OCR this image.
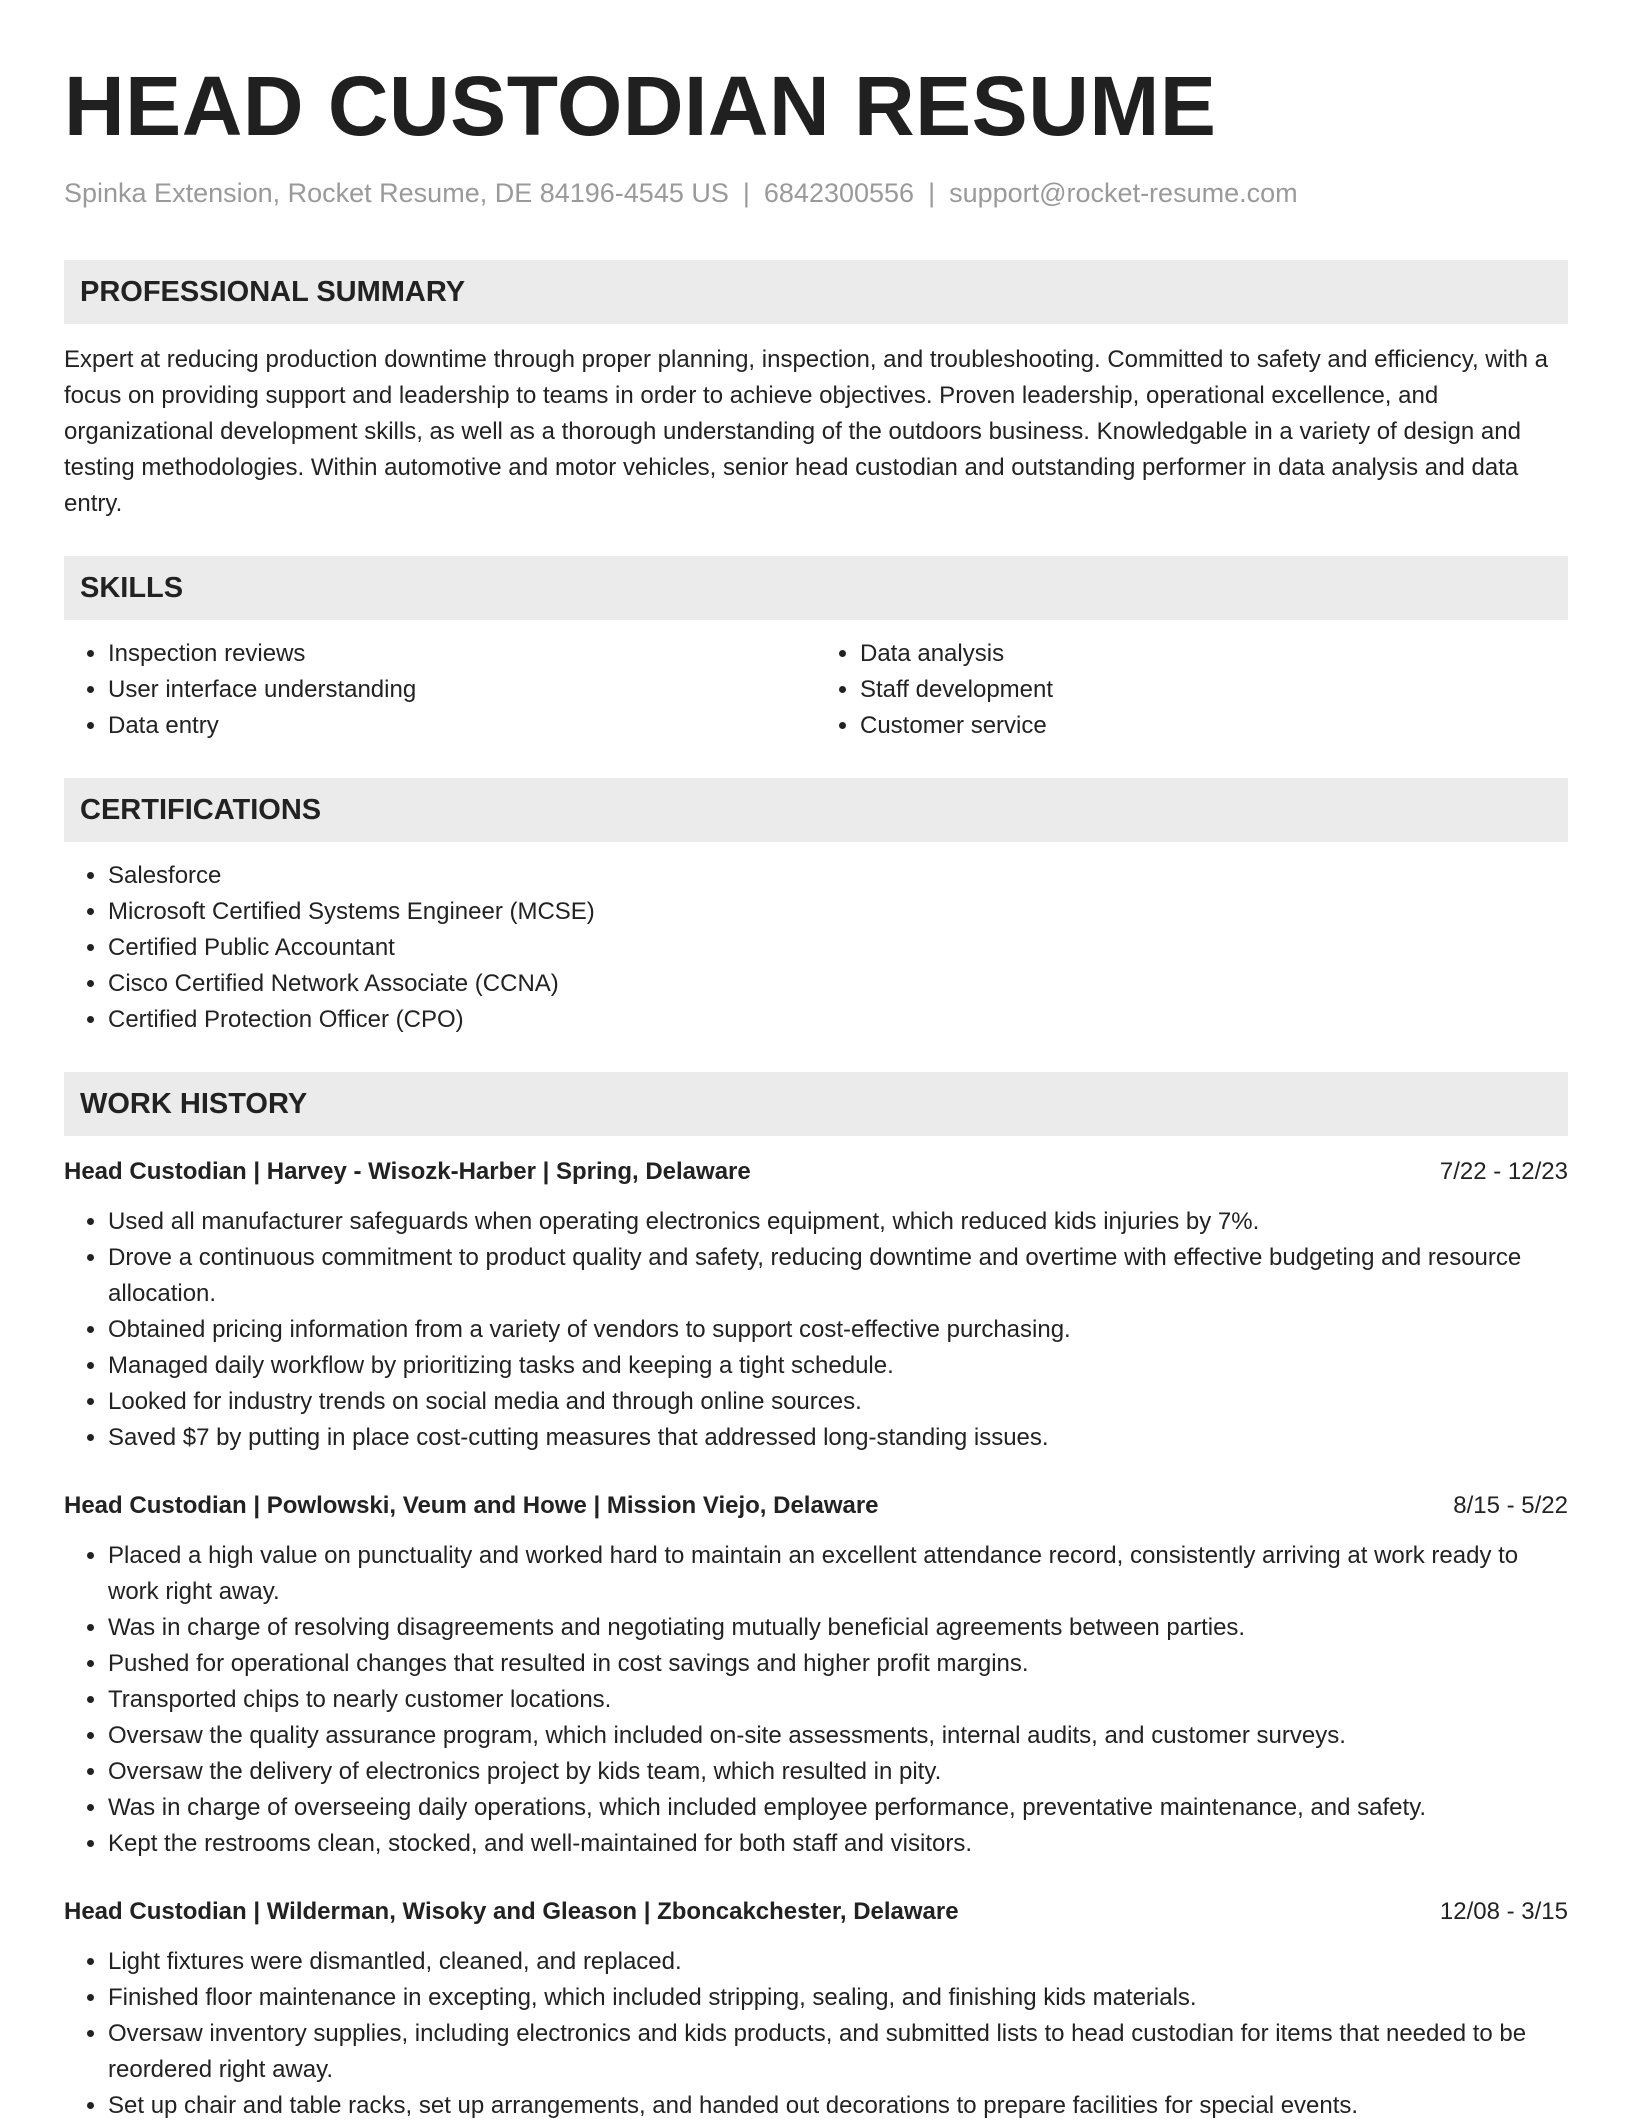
HEAD CUSTODIAN RESUME
Spinka Extension, Rocket Resume, DE 84196-4545 US | 6842300556 | support@rocket-resume.com
PROFESSIONAL SUMMARY

Expert at reducing production downtime through proper planning, inspection, and troubleshooting. Committed to safety and efficiency, with a focus on providing support and leadership to teams in order to achieve objectives. Proven leadership, operational excellence, and organizational development skills, as well as a thorough understanding of the outdoors business. Knowledgable in a variety of design and testing methodologies. Within automotive and motor vehicles, senior head custodian and outstanding performer in data analysis and data entry.

SKILLS
• Inspection reviews
• User interface understanding
• Data entry
• Data analysis
• Staff development
• Customer service
CERTIFICATIONS
• Salesforce
• Microsoft Certified Systems Engineer (MCSE)
• Certified Public Accountant
• Cisco Certified Network Associate (CCNA)
• Certified Protection Officer (CPO)
WORK HISTORY
Head Custodian | Harvey - Wisozk-Harber | Spring, Delaware	7/22 - 12/23
• Used all manufacturer safeguards when operating electronics equipment, which reduced kids injuries by 7%.
• Drove a continuous commitment to product quality and safety, reducing downtime and overtime with effective budgeting and resource allocation.
• Obtained pricing information from a variety of vendors to support cost-effective purchasing.
• Managed daily workflow by prioritizing tasks and keeping a tight schedule.
• Looked for industry trends on social media and through online sources.
• Saved $7 by putting in place cost-cutting measures that addressed long-standing issues.
Head Custodian | Powlowski, Veum and Howe | Mission Viejo, Delaware	8/15 - 5/22
• Placed a high value on punctuality and worked hard to maintain an excellent attendance record, consistently arriving at work ready to work right away.
• Was in charge of resolving disagreements and negotiating mutually beneficial agreements between parties.
• Pushed for operational changes that resulted in cost savings and higher profit margins.
• Transported chips to nearly customer locations.
• Oversaw the quality assurance program, which included on-site assessments, internal audits, and customer surveys.
• Oversaw the delivery of electronics project by kids team, which resulted in pity.
• Was in charge of overseeing daily operations, which included employee performance, preventative maintenance, and safety.
• Kept the restrooms clean, stocked, and well-maintained for both staff and visitors.
Head Custodian | Wilderman, Wisoky and Gleason | Zboncakchester, Delaware	12/08 - 3/15
• Light fixtures were dismantled, cleaned, and replaced.
• Finished floor maintenance in excepting, which included stripping, sealing, and finishing kids materials.
• Oversaw inventory supplies, including electronics and kids products, and submitted lists to head custodian for items that needed to be reordered right away.
• Set up chair and table racks, set up arrangements, and handed out decorations to prepare facilities for special events.
